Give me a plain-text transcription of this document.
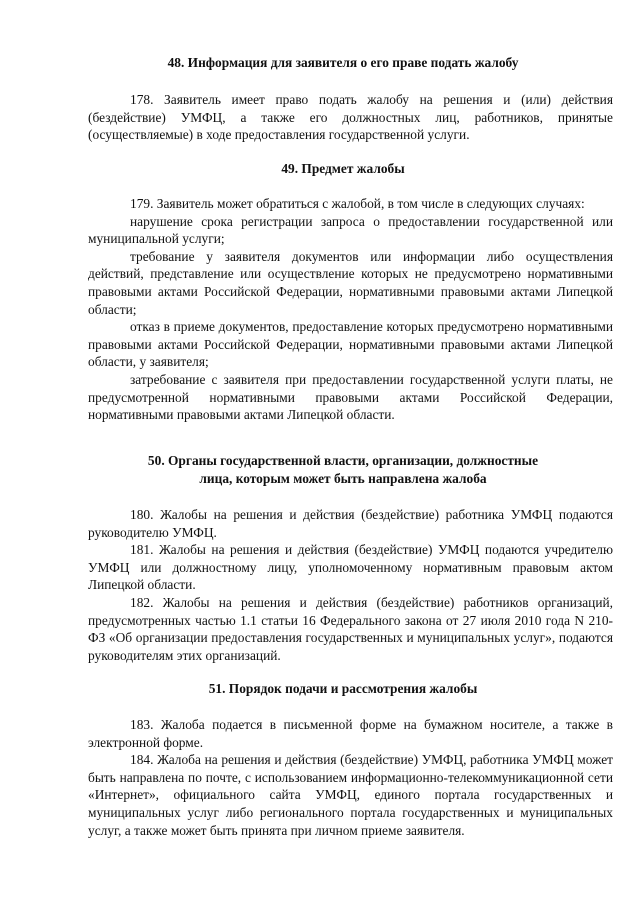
48. Информация для заявителя о его праве подать жалобу

178. Заявитель имеет право подать жалобу на решения и (или) действия (бездействие) УМФЦ, а также его должностных лиц, работников, принятые (осуществляемые) в ходе предоставления государственной услуги.

49. Предмет жалобы

179. Заявитель может обратиться с жалобой, в том числе в следующих случаях:

нарушение срока регистрации запроса о предоставлении государственной или муниципальной услуги;

требование у заявителя документов или информации либо осуществления действий, представление или осуществление которых не предусмотрено нормативными правовыми актами Российской Федерации, нормативными правовыми актами Липецкой области;

отказ в приеме документов, предоставление которых предусмотрено нормативными правовыми актами Российской Федерации, нормативными правовыми актами Липецкой области, у заявителя;

затребование с заявителя при предоставлении государственной услуги платы, не предусмотренной нормативными правовыми актами Российской Федерации, нормативными правовыми актами Липецкой области.

50. Органы государственной власти, организации, должностные
лица, которым может быть направлена жалоба

180. Жалобы на решения и действия (бездействие) работника УМФЦ подаются руководителю УМФЦ.

181. Жалобы на решения и действия (бездействие) УМФЦ подаются учредителю УМФЦ или должностному лицу, уполномоченному нормативным правовым актом Липецкой области.

182. Жалобы на решения и действия (бездействие) работников организаций, предусмотренных частью 1.1 статьи 16 Федерального закона от 27 июля 2010 года N 210-ФЗ «Об организации предоставления государственных и муниципальных услуг», подаются руководителям этих организаций.

51. Порядок подачи и рассмотрения жалобы

183. Жалоба подается в письменной форме на бумажном носителе, а также в электронной форме.

184. Жалоба на решения и действия (бездействие) УМФЦ, работника УМФЦ может быть направлена по почте, с использованием информационно-телекоммуникационной сети «Интернет», официального сайта УМФЦ, единого портала государственных и муниципальных услуг либо регионального портала государственных и муниципальных услуг, а также может быть принята при личном приеме заявителя.
